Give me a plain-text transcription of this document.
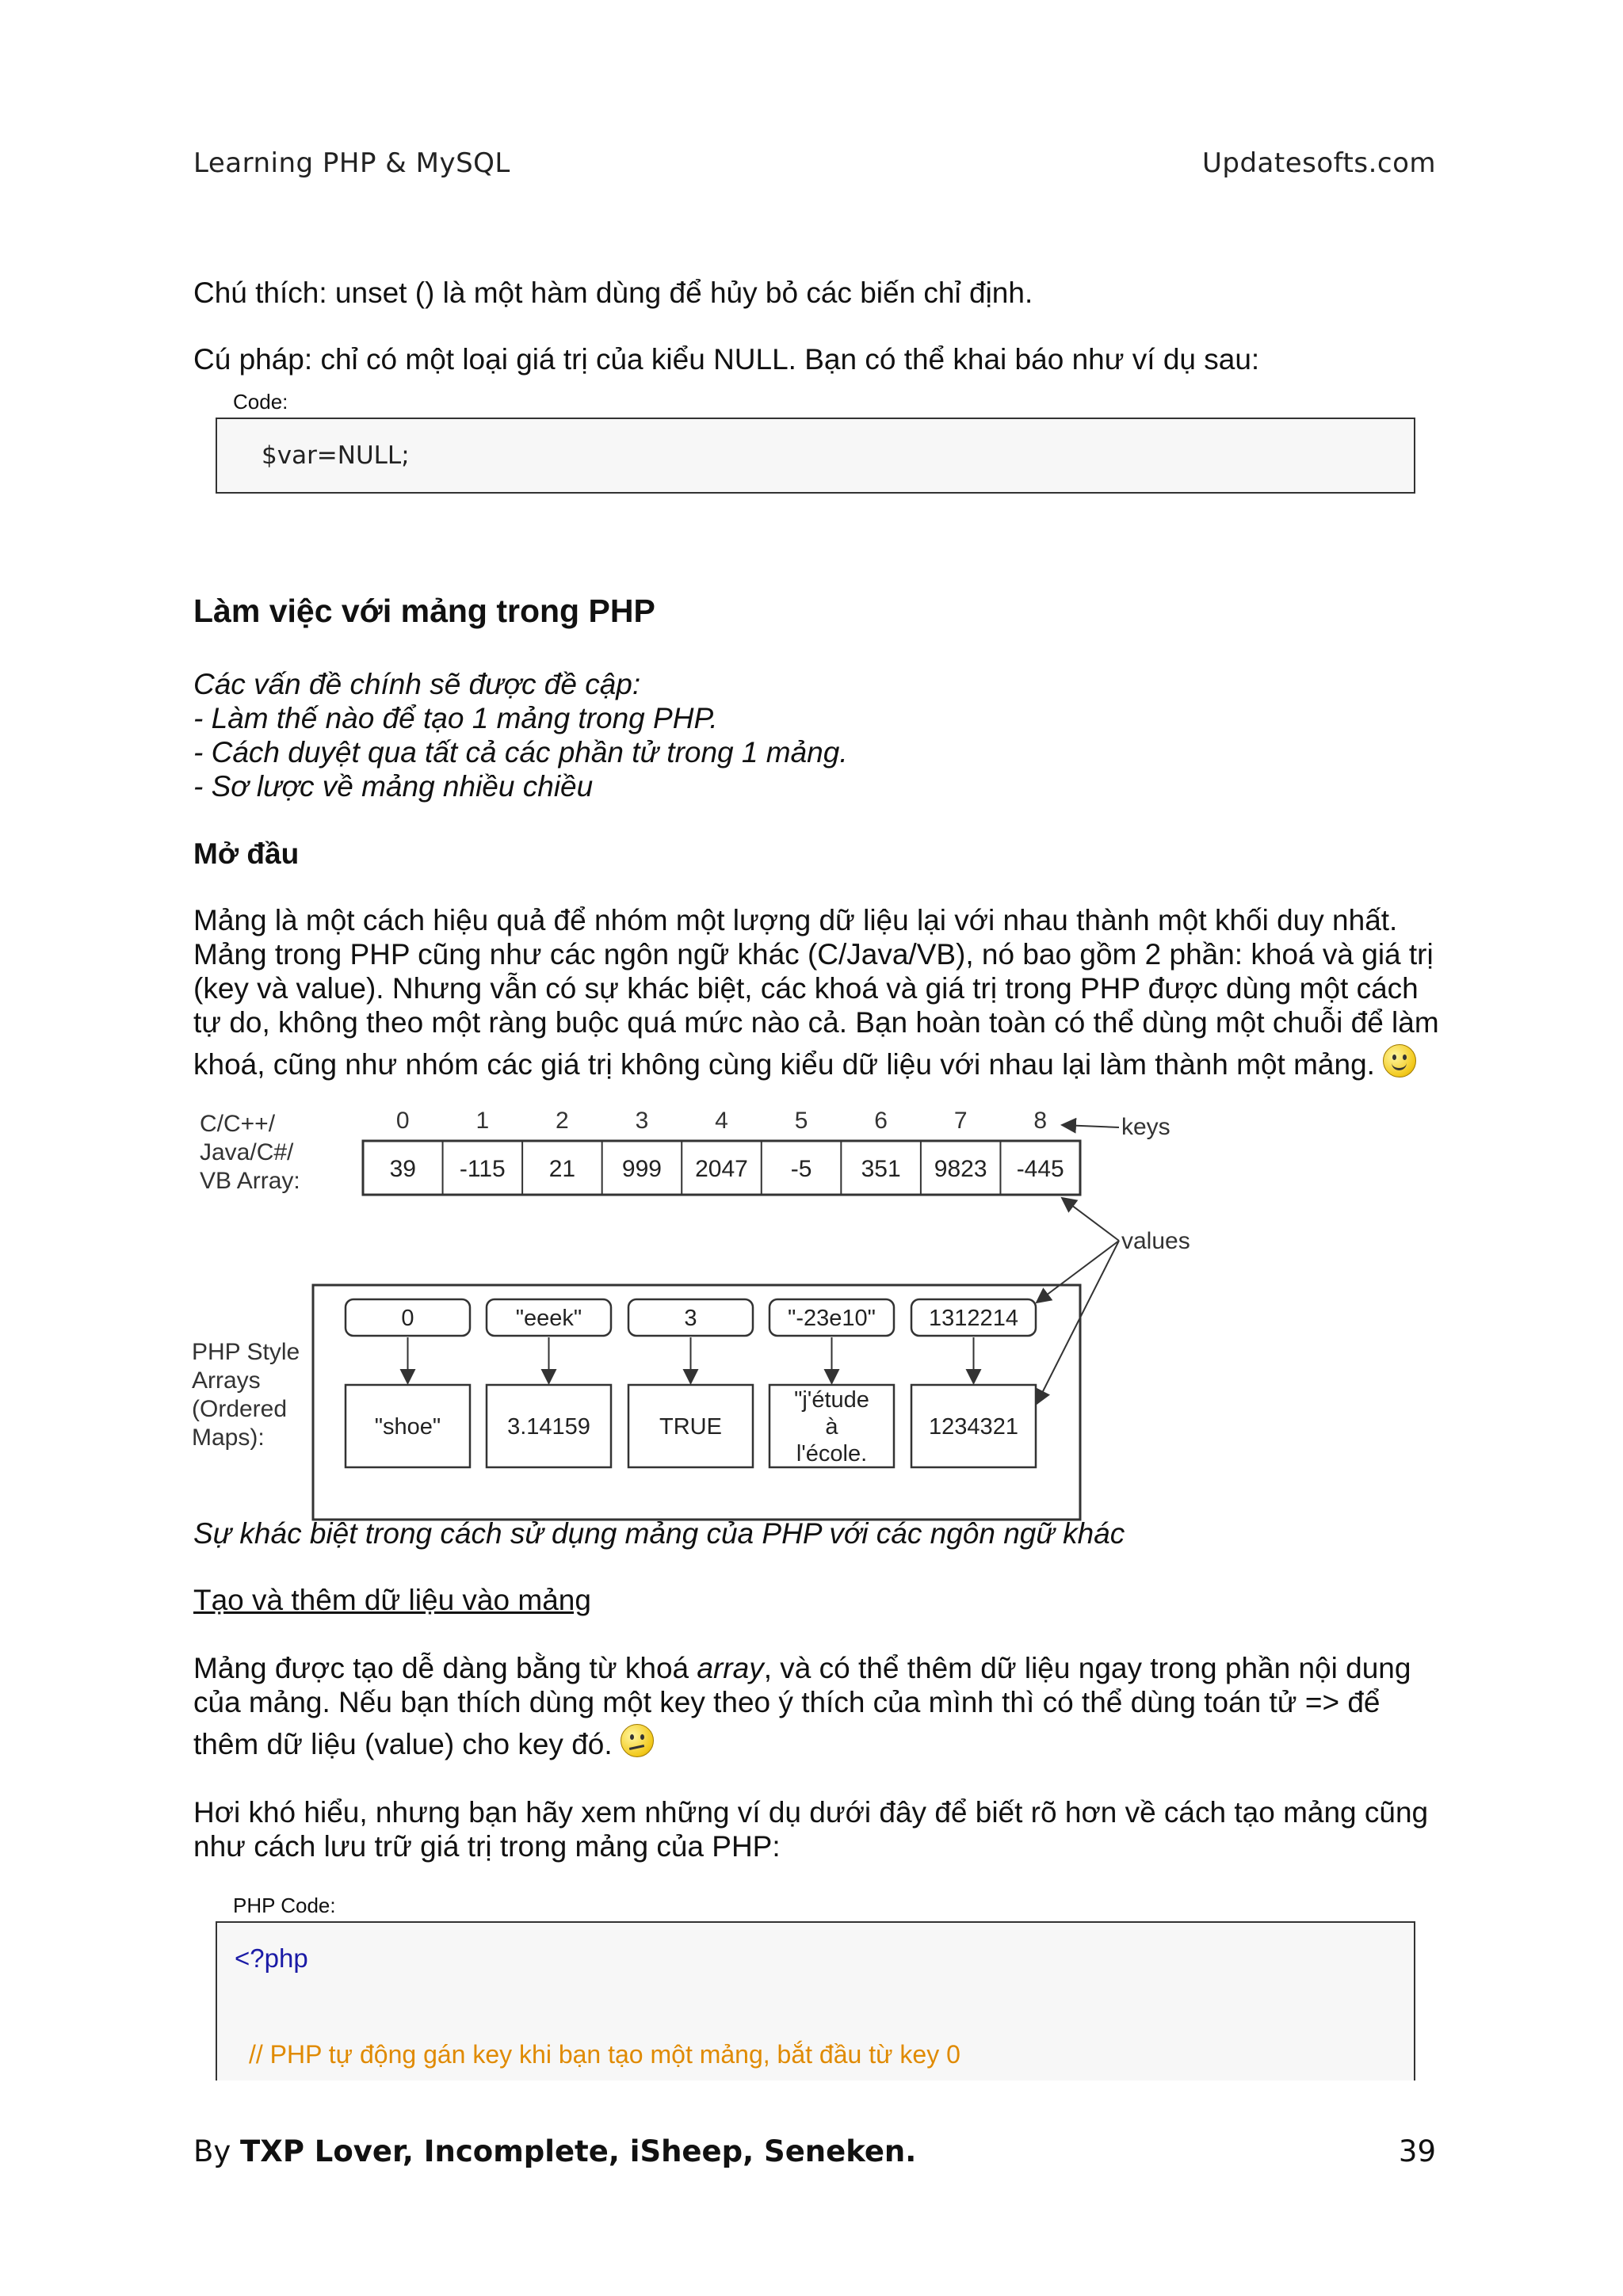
Learning PHP & MySQL	Updatesofts.com
Chú thích: unset () là một hàm dùng để hủy bỏ các biến chỉ định.
Cú pháp: chỉ có một loại giá trị của kiểu NULL. Bạn có thể khai báo như ví dụ sau:
Code:
$var=NULL;
Làm việc với mảng trong PHP
Các vấn đề chính sẽ được đề cập:
- Làm thế nào để tạo 1 mảng trong PHP.
- Cách duyệt qua tất cả các phần tử trong 1 mảng.
- Sơ lược về mảng nhiều chiều
Mở đầu
Mảng là một cách hiệu quả để nhóm một lượng dữ liệu lại với nhau thành một khối duy nhất.
Mảng trong PHP cũng như các ngôn ngữ khác (C/Java/VB), nó bao gồm 2 phần: khoá và giá trị
(key và value). Nhưng vẫn có sự khác biệt, các khoá và giá trị trong PHP được dùng một cách
tự do, không theo một ràng buộc quá mức nào cả. Bạn hoàn toàn có thể dùng một chuỗi để làm
khoá, cũng như nhóm các giá trị không cùng kiểu dữ liệu với nhau lại làm thành một mảng.
C/C++/
Java/C#/
VB Array:
0	1	2	3	4	5	6	7	8
39 -115 21 999 2047 -5 351 9823 -445
keys
values
PHP Style
Arrays
(Ordered
Maps):
0
"shoe"
"eeek"
3.14159
3
TRUE
"-23e10"
"j'étude
à
l'école.
1312214
1234321
Sự khác biệt trong cách sử dụng mảng của PHP với các ngôn ngữ khác
Tạo và thêm dữ liệu vào mảng
Mảng được tạo dễ dàng bằng từ khoá array, và có thể thêm dữ liệu ngay trong phần nội dung
của mảng. Nếu bạn thích dùng một key theo ý thích của mình thì có thể dùng toán tử => để
thêm dữ liệu (value) cho key đó.
Hơi khó hiểu, nhưng bạn hãy xem những ví dụ dưới đây để biết rõ hơn về cách tạo mảng cũng
như cách lưu trữ giá trị trong mảng của PHP:
PHP Code:
<?php
// PHP tự động gán key khi bạn tạo một mảng, bắt đầu từ key 0
By TXP Lover, Incomplete, iSheep, Seneken.	39
